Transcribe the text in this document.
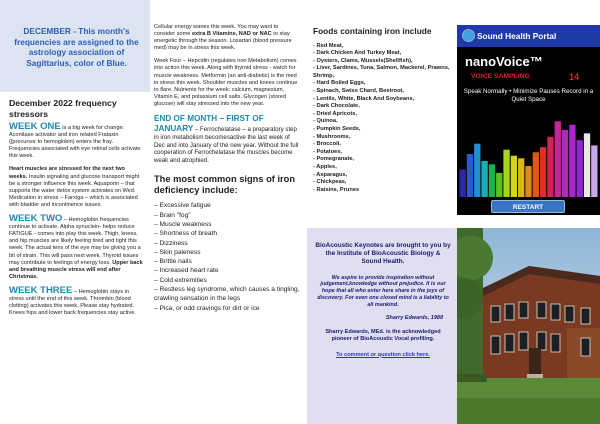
DECEMBER - This month's frequencies are assigned to the astrology association of Sagittarius, color of Blue.
December 2022 frequency stressors
WEEK ONE is a big week for change: Aconitase activator and iron related Frataxin ([precursor to hemoglobin) enters the fray. Frequencies associated with eye retinal cells activate this week.
Heart muscles are stressed for the next two weeks. Insulin signaling and glucose transport might be a stronger influence this week. Aquaporin – that supports the water detox system activates on Wed. Medication in stress – Farxiga – which is associated with bladder and incontinence issues.
WEEK TWO – Hemoglobin frequencies continue to activate. Alpha synuclein- helps reduce FATIGUE - comes into play this week. Thigh, knees, and hip muscles are likely feeling tired and tight this week. The actual tens of the eye may be giving you a bit of strain. This will pass next week. Thyroid issues may contribute to feelings of energy loss. Upper back and breathing muscle stress will end after Christmas.
WEEK THREE – Hemoglobin stays in stress until the end of this week. Thrombin (blood clotting) activates this week. Please stay hydrated. Knees hips and lower back frequencies stay active.
Cellular energy wanes this week. You may want to consider some extra B Vitamins, NAD or NAC to stay energetic through the season. Losartan (blood pressure med) may be in stress this week.
Week Four – Hepcidin (regulates iron Metabolism) comes into action this week. Along with thyroid stress - watch for muscle weakness. Metformin (an anti-diabetic) is the med in stress this week. Shoulder muscles and knees continue to flare. Nutrients for the week: calcium, magnesium, Vitamin E, and potassium cell salts. Glycogen (stored glucose) will stay stressed into the new year.
END OF MONTH – FIRST OF JANUARY – Ferrochelatase – a preparatory step in iron metabolism becomesactive the last week of Dec and into January of the new year. Without the full cooperation of Ferrochelatase the muscles become weak and atrophied.
The most common signs of iron deficiency include:
– Excessive fatigue
– Brain "fog"
– Muscle weakness
– Shortness of breath
– Dizziness
– Skin paleness
– Brittle nails
– Increased heart rate
– Cold extremities
– Restless leg syndrome, which causes a tingling, crawling sensation in the legs
– Pica, or odd cravings for dirt or ice
Foods containing iron include
- Red Meat,
- Dark Chicken And Turkey Meat,
- Oysters, Clams, Mussels(Shellfish),
- Liver, Sardines, Tuna, Salmon, Mackerel, Prawns, Shrimp,
- Hard Boiled Eggs,
- Spinach, Swiss Chard, Beetroot,
- Lentils, White, Black And Soybeans,
- Dark Chocolate,
- Dried Apricots,
- Quinoa,
- Pumpkin Seeds,
- Mushrooms,
- Broccoli,
- Potatoes,
- Pomegranate,
- Apples,
- Asparagus,
- Chickpeas,
- Raisins, Prunes
Sound Health Portal
nanoVoice™
VOICE SAMPLING	14
Speak Normally • Minimize Pauses Record in a Quiet Space
RESTART
BioAcoustic Keynotes are brought to you by the Institute of BioAcoustic Biology & Sound Health.
We aspire to provide inspiration without judgement,knowledge without prejudice. It is our hope that all who enter here share in the joys of discovery. For even one closed mind is a liability to all mankind.
Sharry Edwards, 1988
Sharry Edwards, MEd. is the acknowledged pioneer of BioAcoustic Vocal profiling.
To comment or question click here.
